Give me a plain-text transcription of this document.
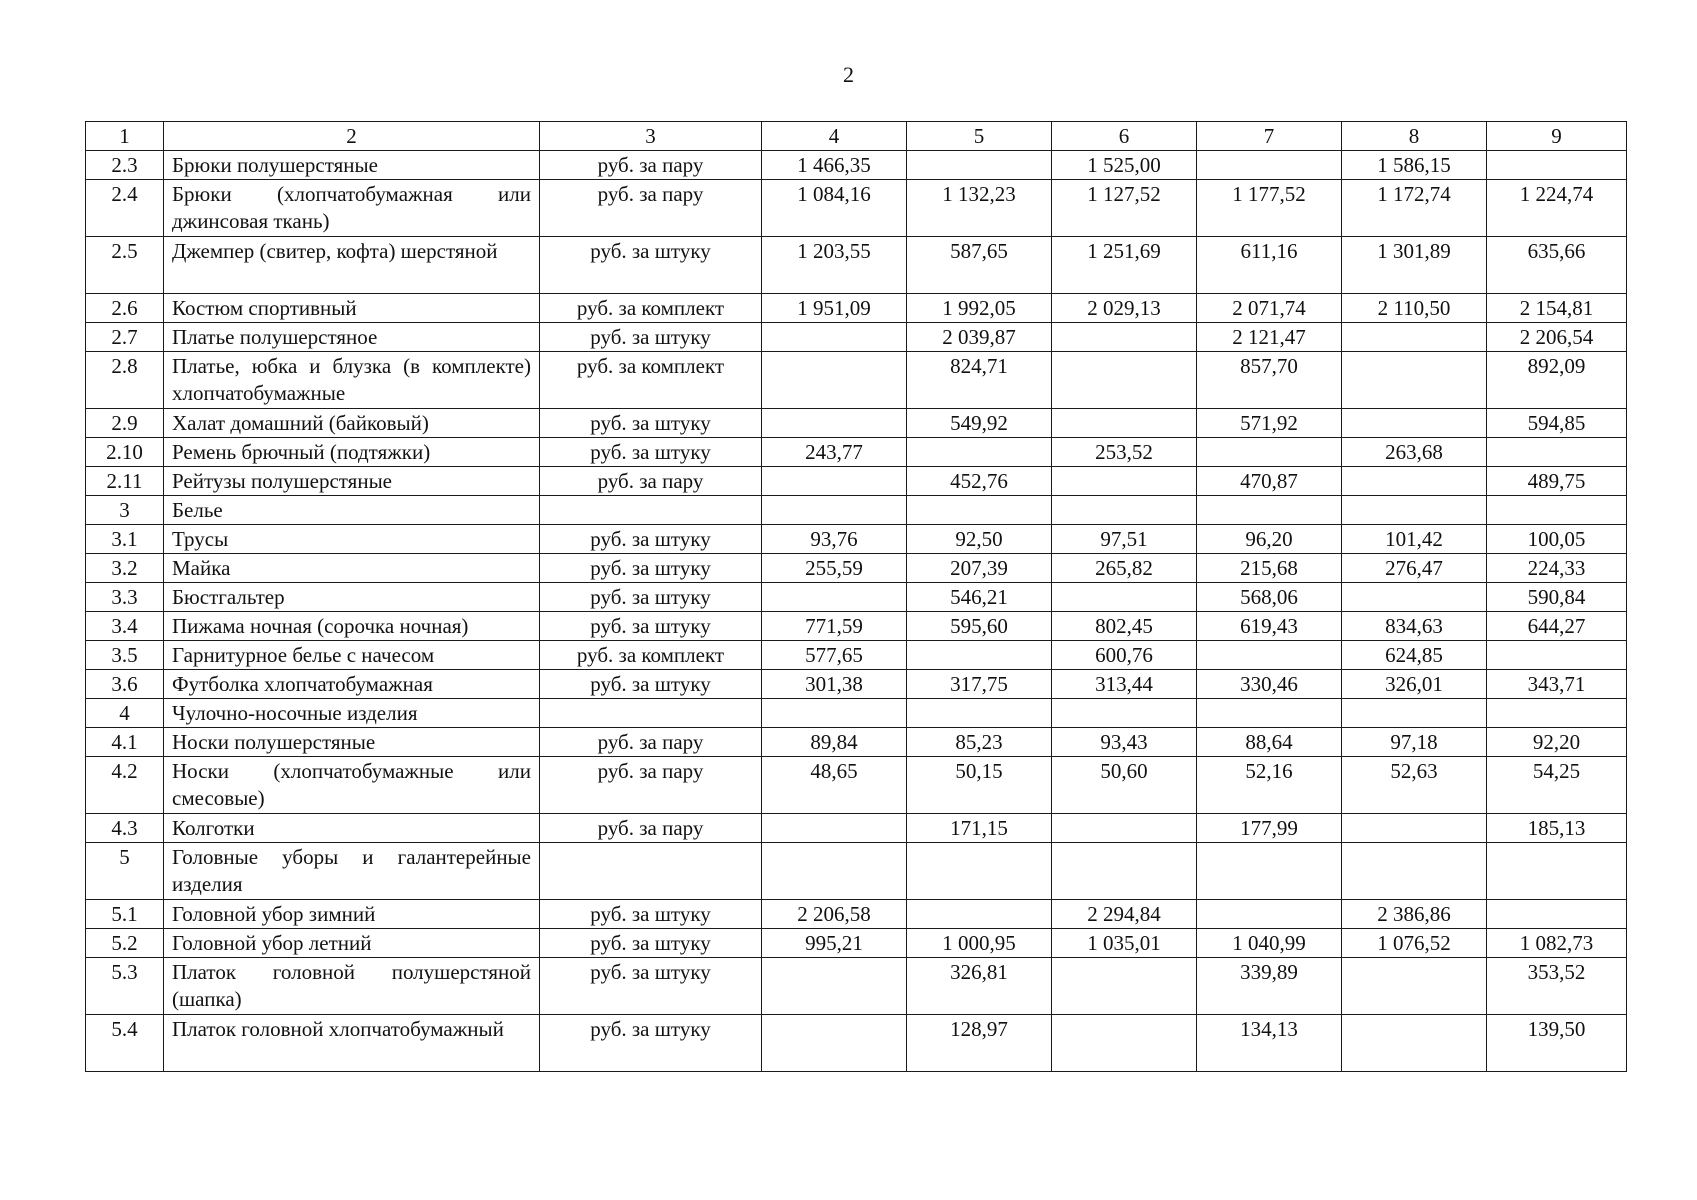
2
1	2	3	4	5	6	7	8	9
2.3	Брюки полушерстяные	руб. за пару	1 466,35		1 525,00		1 586,15	
2.4	Брюки (хлопчатобумажная или джинсовая ткань)	руб. за пару	1 084,16	1 132,23	1 127,52	1 177,52	1 172,74	1 224,74
2.5	Джемпер (свитер, кофта) шерстяной	руб. за штуку	1 203,55	587,65	1 251,69	611,16	1 301,89	635,66
2.6	Костюм спортивный	руб. за комплект	1 951,09	1 992,05	2 029,13	2 071,74	2 110,50	2 154,81
2.7	Платье полушерстяное	руб. за штуку		2 039,87		2 121,47		2 206,54
2.8	Платье, юбка и блузка (в комплекте) хлопчатобумажные	руб. за комплект		824,71		857,70		892,09
2.9	Халат домашний (байковый)	руб. за штуку		549,92		571,92		594,85
2.10	Ремень брючный (подтяжки)	руб. за штуку	243,77		253,52		263,68	
2.11	Рейтузы полушерстяные	руб. за пару		452,76		470,87		489,75
3	Белье							
3.1	Трусы	руб. за штуку	93,76	92,50	97,51	96,20	101,42	100,05
3.2	Майка	руб. за штуку	255,59	207,39	265,82	215,68	276,47	224,33
3.3	Бюстгальтер	руб. за штуку		546,21		568,06		590,84
3.4	Пижама ночная (сорочка ночная)	руб. за штуку	771,59	595,60	802,45	619,43	834,63	644,27
3.5	Гарнитурное белье с начесом	руб. за комплект	577,65		600,76		624,85	
3.6	Футболка хлопчатобумажная	руб. за штуку	301,38	317,75	313,44	330,46	326,01	343,71
4	Чулочно-носочные изделия							
4.1	Носки полушерстяные	руб. за пару	89,84	85,23	93,43	88,64	97,18	92,20
4.2	Носки (хлопчатобумажные или смесовые)	руб. за пару	48,65	50,15	50,60	52,16	52,63	54,25
4.3	Колготки	руб. за пару		171,15		177,99		185,13
5	Головные уборы и галантерейные изделия							
5.1	Головной убор зимний	руб. за штуку	2 206,58		2 294,84		2 386,86	
5.2	Головной убор летний	руб. за штуку	995,21	1 000,95	1 035,01	1 040,99	1 076,52	1 082,73
5.3	Платок головной полушерстяной (шапка)	руб. за штуку		326,81		339,89		353,52
5.4	Платок головной хлопчатобумажный	руб. за штуку		128,97		134,13		139,50
